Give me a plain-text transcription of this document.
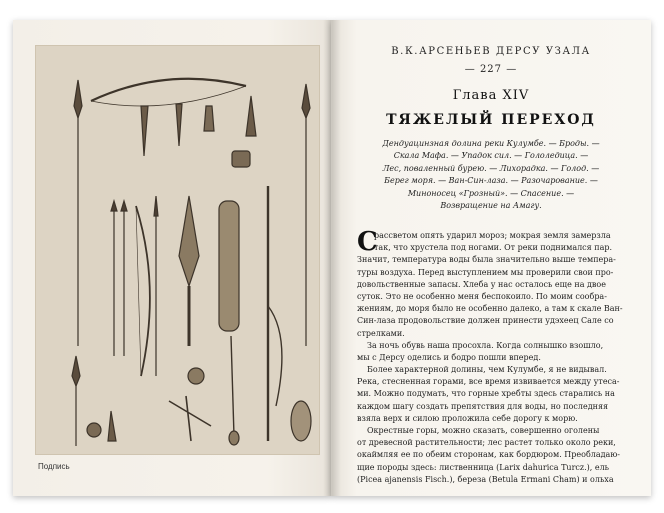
Подпись
В.К.АРСЕНЬЕВ ДЕРСУ УЗАЛА
— 227 —
Глава XIV
ТЯЖЕЛЫЙ ПЕРЕХОД
Дендуацинзная долина реки Кулумбе. — Броды. —
Скала Мафа. — Упадок сил. — Гололедица. —
Лес, поваленный бурею. — Лихорадка. — Голод. —
Берег моря. — Ван-Син-лаза. — Разочарование. —
Миноносец «Грозный». — Спасение. —
Возвращение на Амагу.
С
рассветом опять ударил мороз; мокрая земля замерзла
так, что хрустела под ногами. От реки поднимался пар.
Значит, температура воды была значительно выше темпера-
туры воздуха. Перед выступлением мы проверили свои про-
довольственные запасы. Хлеба у нас осталось еще на двое
суток. Это не особенно меня беспокоило. По моим сообра-
жениям, до моря было не особенно далеко, а там к скале Ван-
Син-лаза продовольствие должен принести удэхеец Сале со
стрелками.
За ночь обувь наша просохла. Когда солнышко взошло,
мы с Дерсу оделись и бодро пошли вперед.
Более характерной долины, чем Кулумбе, я не видывал.
Река, стесненная горами, все время извивается между утеса-
ми. Можно подумать, что горные хребты здесь старались на
каждом шагу создать препятствия для воды, но последняя
взяла верх и силою проложила себе дорогу к морю.
Окрестные горы, можно сказать, совершенно оголены
от древесной растительности; лес растет только около реки,
окаймляя ее по обеим сторонам, как бордюром. Преобладаю-
щие породы здесь: лиственница (Larix dahurica Turcz.), ель
(Picea ajanensis Fisch.), береза (Betula Ermani Cham) и ольха
